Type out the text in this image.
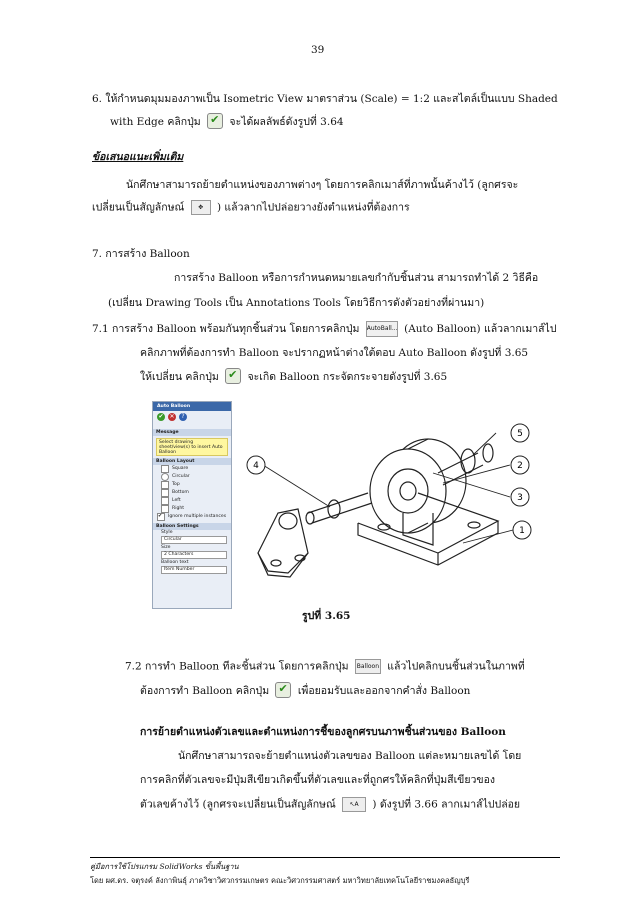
39
6. ให้กำหนดมุมมองภาพเป็น Isometric View มาตราส่วน (Scale) = 1:2 และสไตล์เป็นแบบ Shaded
with Edge คลิกปุ่ม ✔	จะได้ผลลัพธ์ดังรูปที่ 3.64
ข้อเสนอแนะเพิ่มเติม
นักศึกษาสามารถย้ายตำแหน่งของภาพต่างๆ โดยการคลิกเมาส์ที่ภาพนั้นค้างไว้ (ลูกศรจะ
เปลี่ยนเป็นสัญลักษณ์ ✥ ) แล้วลากไปปล่อยวางยังตำแหน่งที่ต้องการ
7. การสร้าง Balloon
การสร้าง Balloon หรือการกำหนดหมายเลขกำกับชิ้นส่วน สามารถทำได้ 2 วิธีคือ
(เปลี่ยน Drawing Tools เป็น Annotations Tools โดยวิธีการดังตัวอย่างที่ผ่านมา)
7.1 การสร้าง Balloon พร้อมกันทุกชิ้นส่วน โดยการคลิกปุ่ม AutoBall... (Auto Balloon) แล้วลากเมาส์ไป
คลิกภาพที่ต้องการทำ Balloon จะปรากฏหน้าต่างใต้ตอบ Auto Balloon ดังรูปที่ 3.65
ให้เปลี่ยน คลิกปุ่ม ✔	จะเกิด Balloon กระจัดกระจายดังรูปที่ 3.65
Auto Balloon
✔ ✕	?
Message
Select drawing sheet/view(s) to insert Auto Balloon
Balloon Layout
Square
Circular
Top
Bottom
Left
Right
✔	Ignore multiple instances
Balloon Settings
Style
Circular
Size
2 Characters
Balloon text
Item Number
4
5
2
3
1
รูปที่ 3.65
7.2 การทำ Balloon ทีละชิ้นส่วน โดยการคลิกปุ่ม Balloon แล้วไปคลิกบนชิ้นส่วนในภาพที่
ต้องการทำ Balloon คลิกปุ่ม ✔	เพื่อยอมรับและออกจากคำสั่ง Balloon
การย้ายตำแหน่งตัวเลขและตำแหน่งการชี้ของลูกศรบนภาพชิ้นส่วนของ Balloon
นักศึกษาสามารถจะย้ายตำแหน่งตัวเลขของ Balloon แต่ละหมายเลขได้ โดย
การคลิกที่ตัวเลขจะมีปุ่มสีเขียวเกิดขึ้นที่ตัวเลขและที่ถูกศรให้คลิกที่ปุ่มสีเขียวของ
ตัวเลขค้างไว้ (ลูกศรจะเปลี่ยนเป็นสัญลักษณ์ ↖A ) ดังรูปที่ 3.66 ลากเมาส์ไปปล่อย
คู่มือการใช้โปรแกรม SolidWorks ขั้นพื้นฐาน
โดย ผศ.ดร. จตุรงค์ ลังกาพินธุ์ ภาควิชาวิศวกรรมเกษตร คณะวิศวกรรมศาสตร์ มหาวิทยาลัยเทคโนโลยีราชมงคลธัญบุรี
